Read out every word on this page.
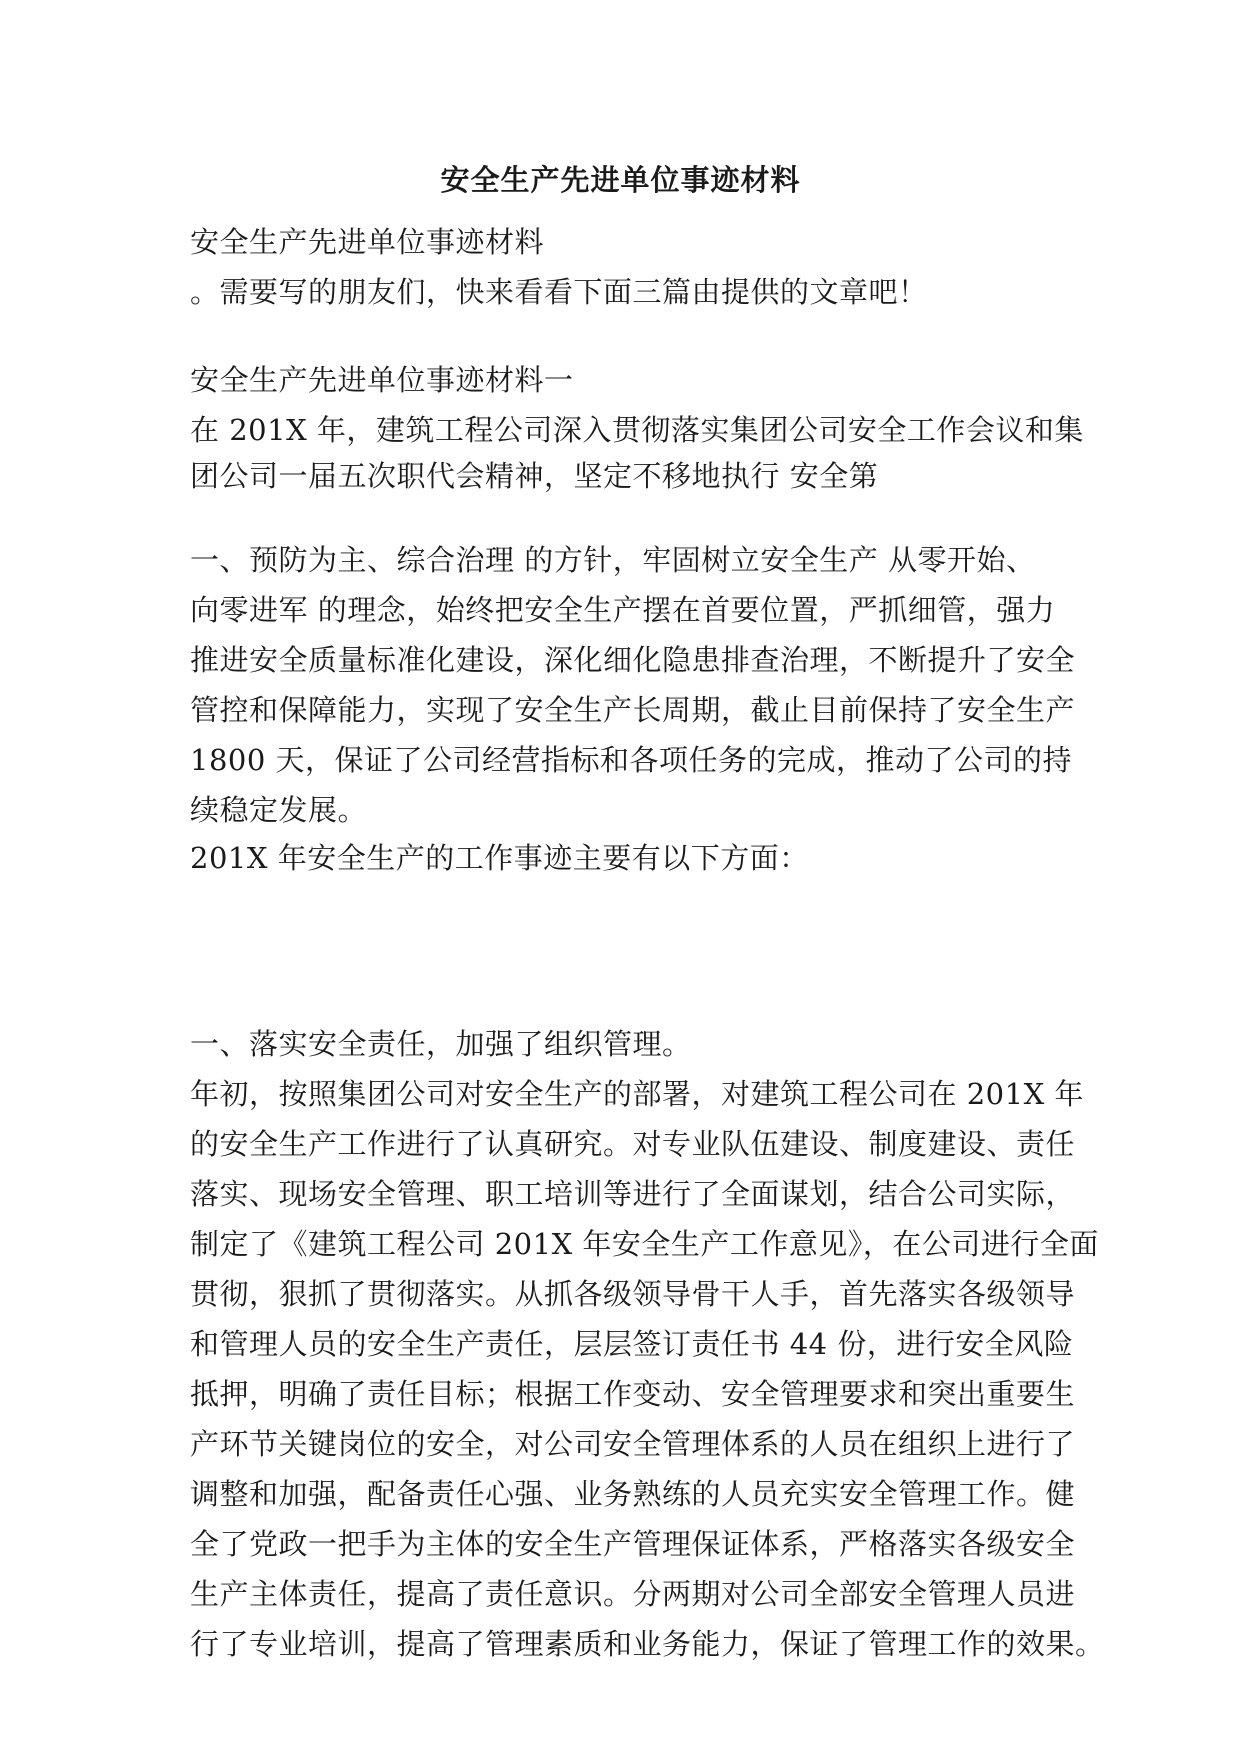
安全生产先进单位事迹材料
安全生产先进单位事迹材料
。需要写的朋友们，快来看看下面三篇由提供的文章吧！
安全生产先进单位事迹材料一
在 201X 年，建筑工程公司深入贯彻落实集团公司安全工作会议和集
团公司一届五次职代会精神，坚定不移地执行 安全第
一、预防为主、综合治理 的方针，牢固树立安全生产 从零开始、
向零进军 的理念，始终把安全生产摆在首要位置，严抓细管，强力
推进安全质量标准化建设，深化细化隐患排查治理，不断提升了安全
管控和保障能力，实现了安全生产长周期，截止目前保持了安全生产
1800 天，保证了公司经营指标和各项任务的完成，推动了公司的持
续稳定发展。
201X 年安全生产的工作事迹主要有以下方面：
一、落实安全责任，加强了组织管理。
年初，按照集团公司对安全生产的部署，对建筑工程公司在 201X 年
的安全生产工作进行了认真研究。对专业队伍建设、制度建设、责任
落实、现场安全管理、职工培训等进行了全面谋划，结合公司实际，
制定了《建筑工程公司 201X 年安全生产工作意见》，在公司进行全面
贯彻，狠抓了贯彻落实。从抓各级领导骨干人手，首先落实各级领导
和管理人员的安全生产责任，层层签订责任书 44 份，进行安全风险
抵押，明确了责任目标；根据工作变动、安全管理要求和突出重要生
产环节关键岗位的安全，对公司安全管理体系的人员在组织上进行了
调整和加强，配备责任心强、业务熟练的人员充实安全管理工作。健
全了党政一把手为主体的安全生产管理保证体系，严格落实各级安全
生产主体责任，提高了责任意识。分两期对公司全部安全管理人员进
行了专业培训，提高了管理素质和业务能力，保证了管理工作的效果。
